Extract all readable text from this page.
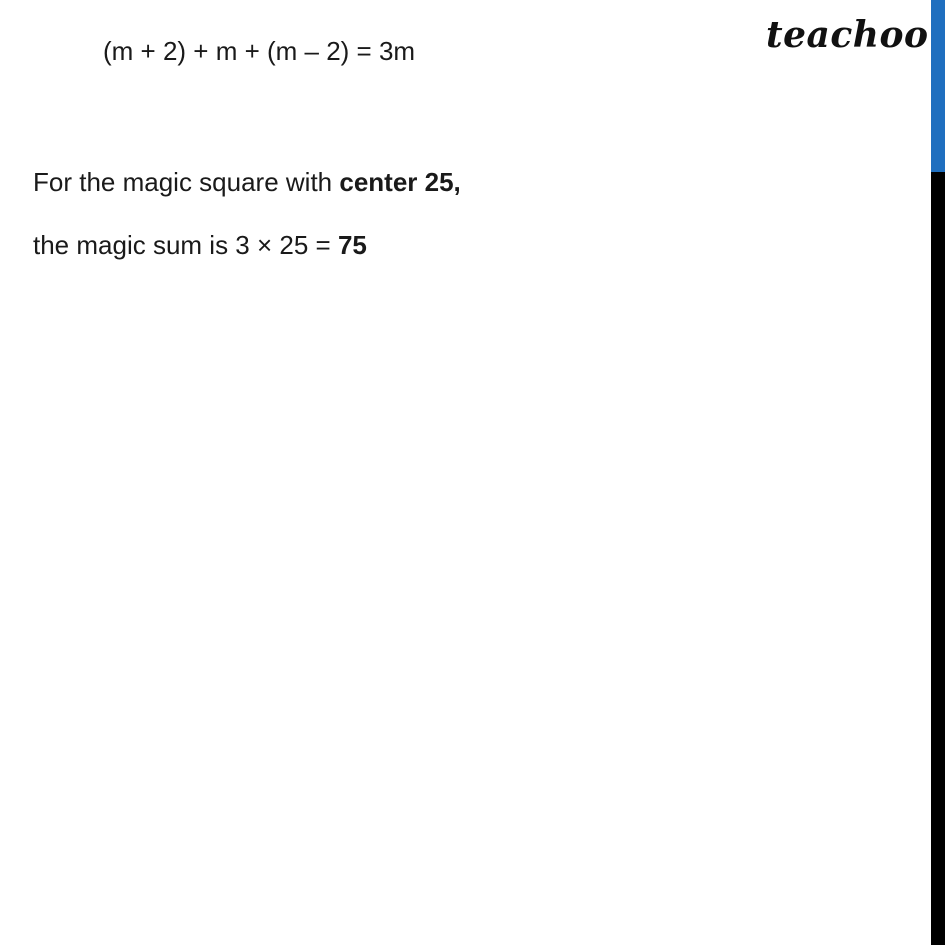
teachoo
(m + 2) + m + (m – 2) = 3m
For the magic square with center 25,
the magic sum is 3 × 25 = 75
